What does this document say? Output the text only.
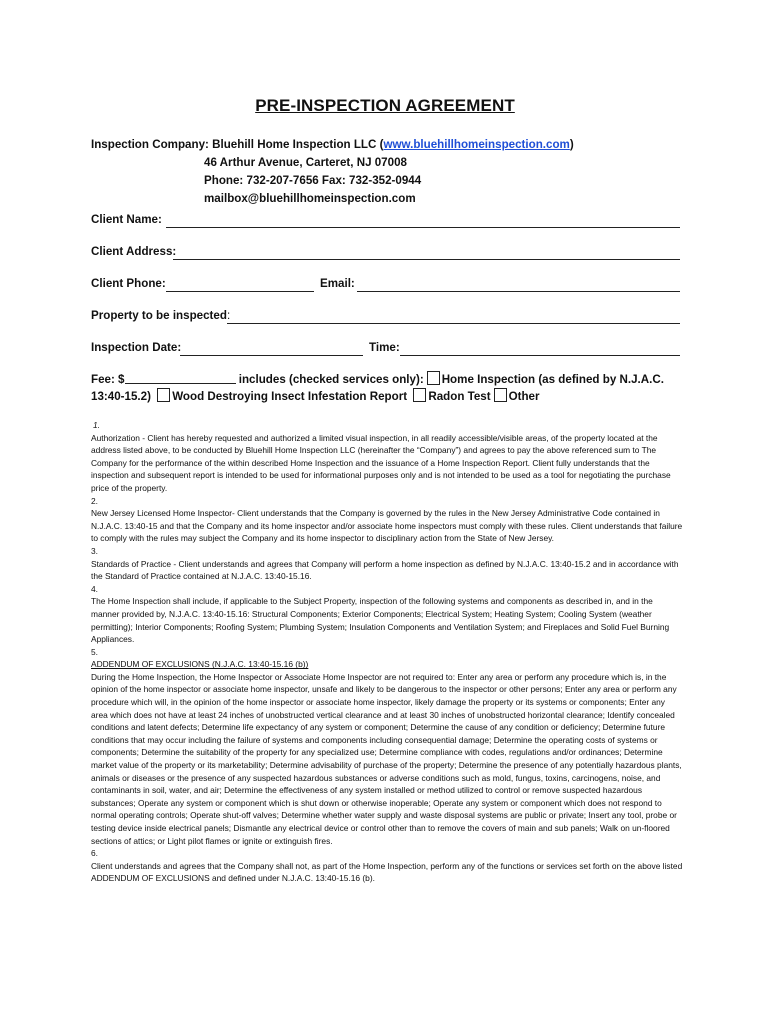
PRE-INSPECTION AGREEMENT
Inspection Company: Bluehill Home Inspection LLC (www.bluehillhomeinspection.com)
46 Arthur Avenue, Carteret, NJ 07008
Phone: 732-207-7656 Fax: 732-352-0944
mailbox@bluehillhomeinspection.com
Client Name:
Client Address:
Client Phone:	Email:
Property to be inspected:
Inspection Date:	Time:
Fee: $	includes (checked services only): Home Inspection (as defined by N.J.A.C. 13:40-15.2) Wood Destroying Insect Infestation Report Radon Test Other

1.

Authorization - Client has hereby requested and authorized a limited visual inspection, in all readily accessible/visible areas, of the property located at the address listed above, to be conducted by Bluehill Home Inspection LLC (hereinafter the “Company”) and agrees to pay the above referenced sum to The Company for the performance of the within described Home Inspection and the issuance of a Home Inspection Report. Client fully understands that the inspection and subsequent report is intended to be used for informational purposes only and is not intended to be used as a tool for negotiating the purchase price of the property.

2.

New Jersey Licensed Home Inspector- Client understands that the Company is governed by the rules in the New Jersey Administrative Code contained in N.J.A.C. 13:40-15 and that the Company and its home inspector and/or associate home inspectors must comply with these rules. Client understands that failure to comply with the rules may subject the Company and its home inspector to disciplinary action from the State of New Jersey.

3.

Standards of Practice - Client understands and agrees that Company will perform a home inspection as defined by N.J.A.C. 13:40-15.2 and in accordance with the Standard of Practice contained at N.J.A.C. 13:40-15.16.

4.

The Home Inspection shall include, if applicable to the Subject Property, inspection of the following systems and components as described in, and in the manner provided by, N.J.A.C. 13:40-15.16: Structural Components; Exterior Components; Electrical System; Heating System; Cooling System (weather permitting); Interior Components; Roofing System; Plumbing System; Insulation Components and Ventilation System; and Fireplaces and Solid Fuel Burning Appliances.

5.

ADDENDUM OF EXCLUSIONS (N.J.A.C. 13:40-15.16 (b))

During the Home Inspection, the Home Inspector or Associate Home Inspector are not required to: Enter any area or perform any procedure which is, in the opinion of the home inspector or associate home inspector, unsafe and likely to be dangerous to the inspector or other persons; Enter any area or perform any procedure which will, in the opinion of the home inspector or associate home inspector, likely damage the property or its systems or components; Enter any area which does not have at least 24 inches of unobstructed vertical clearance and at least 30 inches of unobstructed horizontal clearance; Identify concealed conditions and latent defects; Determine life expectancy of any system or component; Determine the cause of any condition or deficiency; Determine future conditions that may occur including the failure of systems and components including consequential damage; Determine the operating costs of systems or components; Determine the suitability of the property for any specialized use; Determine compliance with codes, regulations and/or ordinances; Determine market value of the property or its marketability; Determine advisability of purchase of the property; Determine the presence of any potentially hazardous plants, animals or diseases or the presence of any suspected hazardous substances or adverse conditions such as mold, fungus, toxins, carcinogens, noise, and contaminants in soil, water, and air; Determine the effectiveness of any system installed or method utilized to control or remove suspected hazardous substances; Operate any system or component which is shut down or otherwise inoperable; Operate any system or component which does not respond to normal operating controls; Operate shut-off valves; Determine whether water supply and waste disposal systems are public or private; Insert any tool, probe or testing device inside electrical panels; Dismantle any electrical device or control other than to remove the covers of main and sub panels; Walk on un-floored sections of attics; or Light pilot flames or ignite or extinguish fires.

6.

Client understands and agrees that the Company shall not, as part of the Home Inspection, perform any of the functions or services set forth on the above listed ADDENDUM OF EXCLUSIONS and defined under N.J.A.C. 13:40-15.16 (b).
